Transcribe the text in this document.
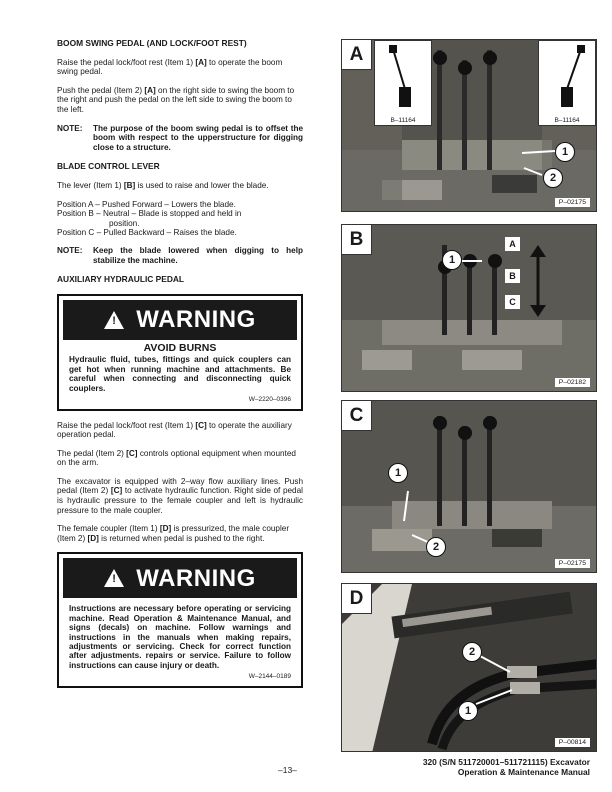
BOOM SWING PEDAL (AND LOCK/FOOT REST)

Raise the pedal lock/foot rest (Item 1) [A] to operate the boom swing pedal.

Push the pedal (Item 2) [A] on the right side to swing the boom to the right and push the pedal on the left side to swing the boom to the left.

NOTE:	The purpose of the boom swing pedal is to offset the boom with respect to the upperstructure for digging close to a structure.
BLADE CONTROL LEVER

The lever (Item 1) [B] is used to raise and lower the blade.

Position A – Pushed Forward – Lowers the blade.
Position B – Neutral – Blade is stopped and held in
position.
Position C – Pulled Backward – Raises the blade.
NOTE:	Keep the blade lowered when digging to help stabilize the machine.
AUXILIARY HYDRAULIC PEDAL
! WARNING
AVOID BURNS
Hydraulic fluid, tubes, fittings and quick couplers can get hot when running machine and attachments. Be careful when connecting and disconnecting quick couplers.
W–2220–0396

Raise the pedal lock/foot rest (Item 1) [C] to operate the auxiliary operation pedal.

The pedal (Item 2) [C] controls optional equipment when mounted on the arm.

The excavator is equipped with 2–way flow auxiliary lines. Push pedal (Item 2) [C] to activate hydraulic function. Right side of pedal is hydraulic pressure to the female coupler and left is hydraulic pressure to the male coupler.

The female coupler (Item 1) [D] is pressurized, the male coupler (Item 2) [D] is returned when pedal is pushed to the right.

! WARNING
Instructions are necessary before operating or servicing machine. Read Operation & Maintenance Manual, and signs (decals) on machine. Follow warnings and instructions in the manuals when making repairs, adjustments or servicing. Check for correct function after adjustments. repairs or service. Failure to follow instructions can cause injury or death.
W–2144–0189
A
B–11164	B–11164
1
2
P–02175
B
1
A
B
C
P–02182
C
1
2
P–02175
D
2
1
P–00814
–13–
320 (S/N 511720001–511721115) Excavator
Operation & Maintenance Manual
